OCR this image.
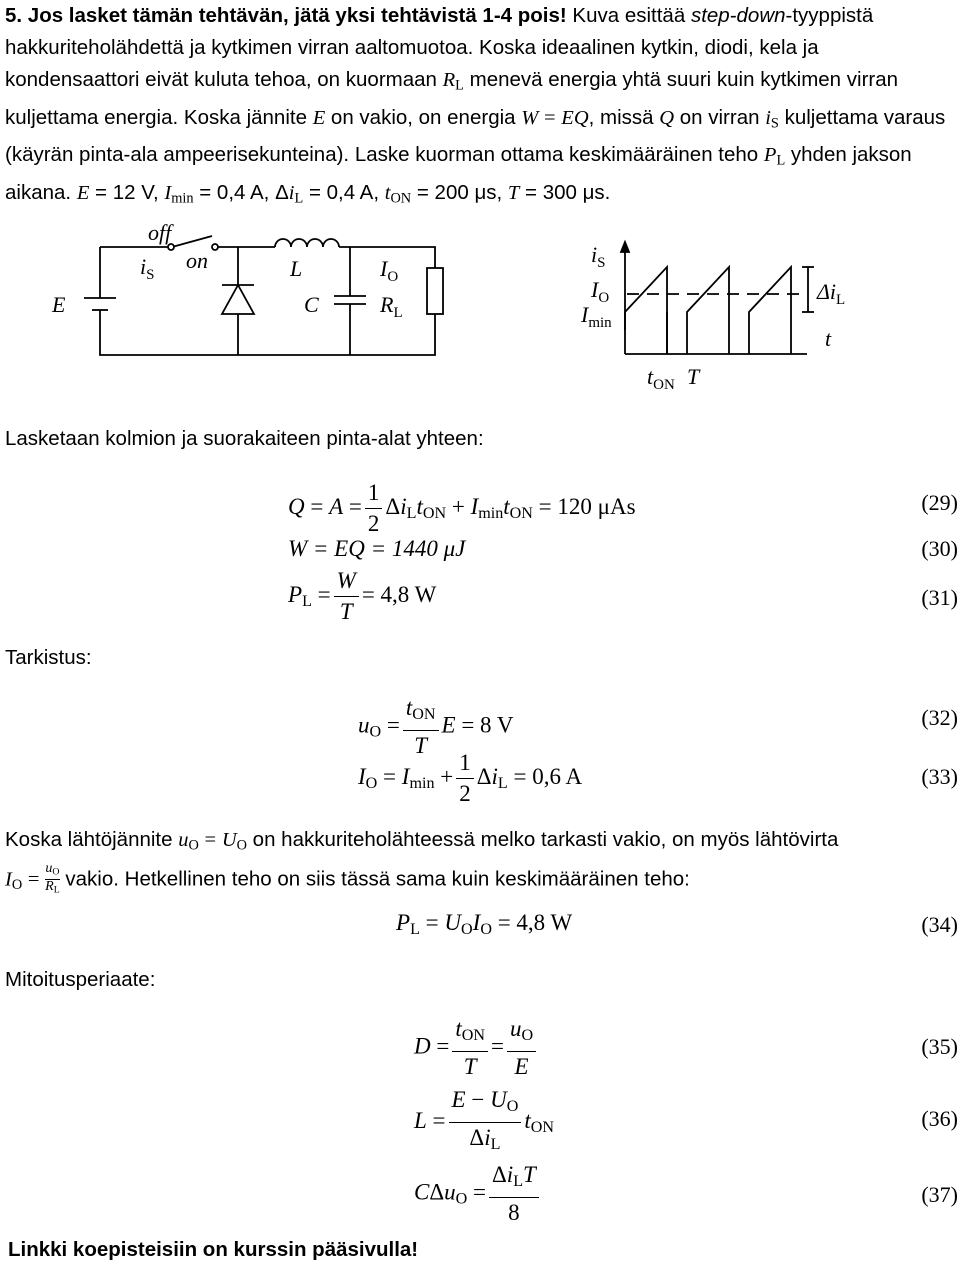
5. Jos lasket tämän tehtävän, jätä yksi tehtävistä 1-4 pois! Kuva esittää step-down-tyyppistä hakkuriteholähdettä ja kytkimen virran aaltomuotoa. Koska ideaalinen kytkin, diodi, kela ja kondensaattori eivät kuluta tehoa, on kuormaan $R_L$ menevä energia yhtä suuri kuin kytkimen virran kuljettama energia. Koska jännite E on vakio, on energia W = EQ, missä Q on virran $i_S$ kuljettama varaus (käyrän pinta-ala ampeerisekunteina). Laske kuorman ottama keskimääräinen teho $P_L$ yhden jakson aikana. E = 12 V, $I_{min} = 0,4$ A, $\Delta i_L = 0,4$ A, $t_{ON} = 200$ μs, T = 300 μs.
E
off
on
$i_S$	L
C
$I_O$
$R_L$
$i_S$
$I_O$
$I_{min}$
$\Delta i_L$
t
$t_{ON}$ T
Lasketaan kolmion ja suorakaiteen pinta-alat yhteen:
$Q = A = \frac{1}{2} \Delta i_Lt_{ON} + I_{min}t_{ON} = 120$ μAs	(29)
W = EQ = 1440 μJ	(30)
$P_L = \frac{W}{T} = 4,8$ W	(31)
Tarkistus:
$u_O = \frac{t_{ON}}{T}$ E = 8 V	(32)
$I_O = I_{min} + \frac{1}{2} \Delta i_L = 0,6$ A	(33)
Koska lähtöjännite $u_O = U_O$ on hakkuriteholähteessä melko tarkasti vakio, on myös lähtövirta
$I_O = \frac{u_O}{R_L}$ vakio. Hetkellinen teho on siis tässä sama kuin keskimääräinen teho:
$P_L = U_OI_O = 4,8$ W	(34)
Mitoitusperiaate:
$D = \frac{t_{ON}}{T} = \frac{u_O}{E}$	(35)
$L = \frac{E - U_O}{\Delta i_L} t_{ON}$	(36)
$C\Delta u_O = \frac{\Delta i_LT}{8}$	(37)
Linkki koepisteisiin on kurssin pääsivulla!
